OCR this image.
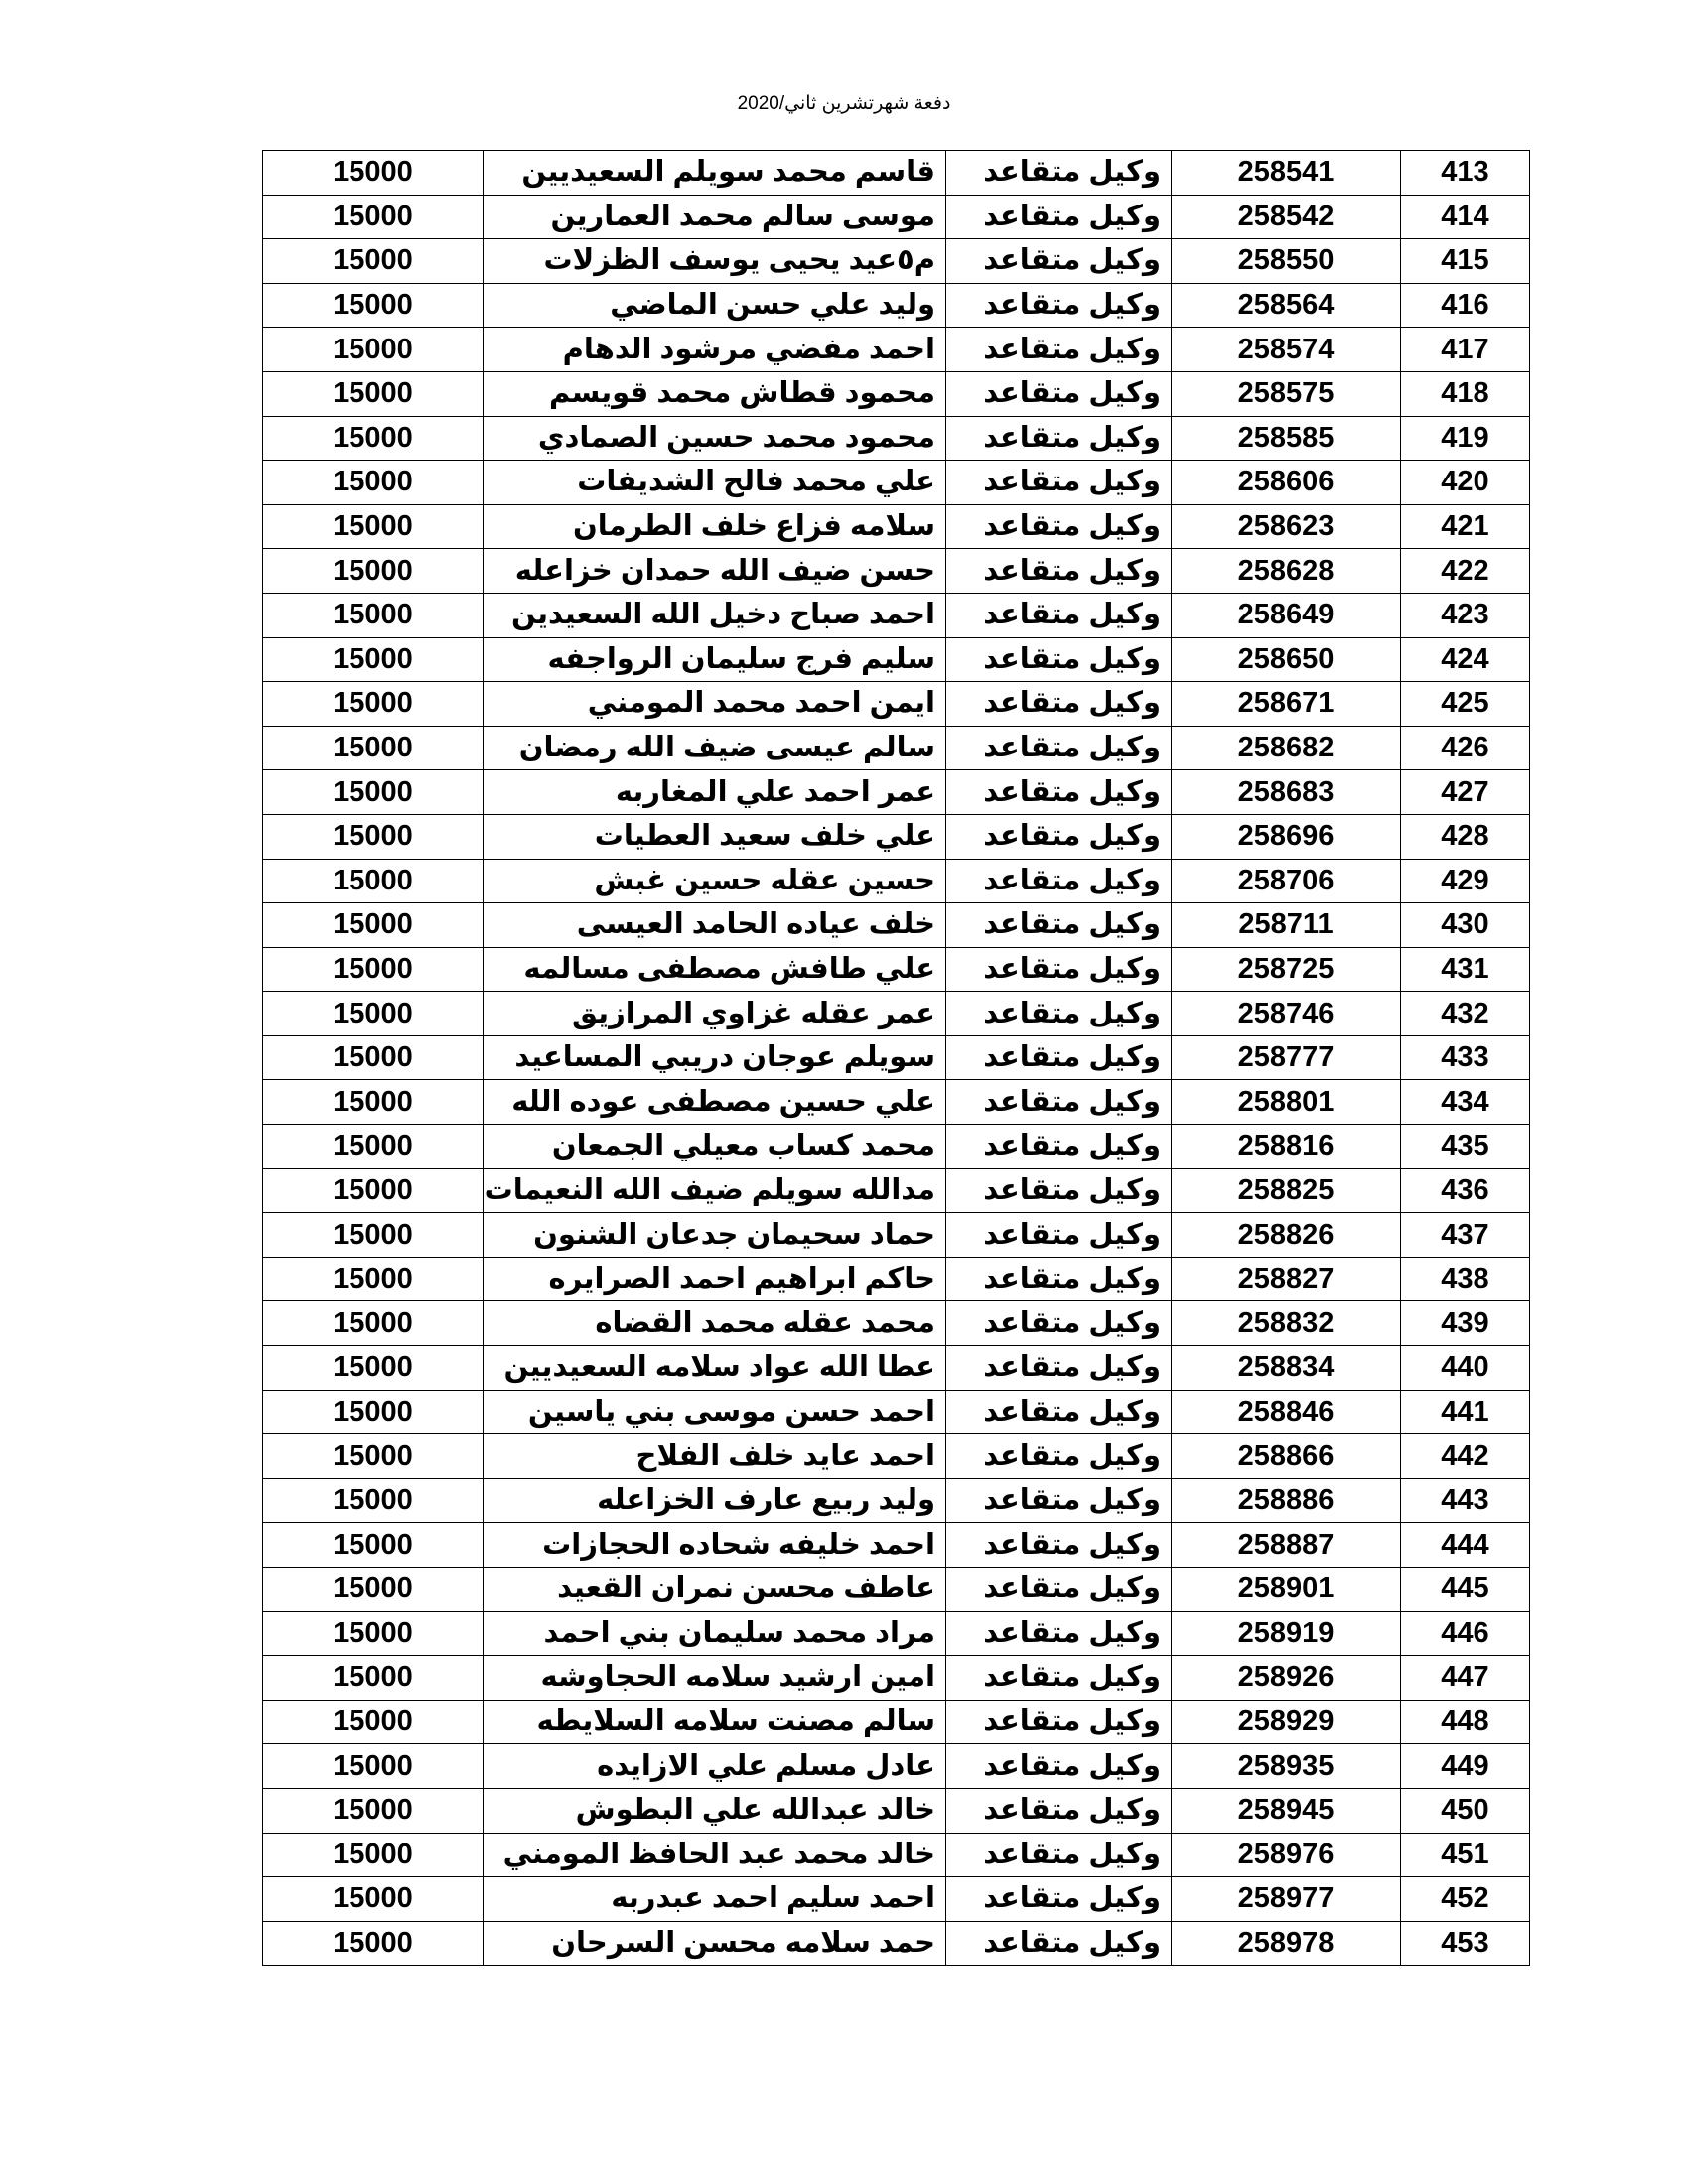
دفعة شهرتشرين ثاني/2020
15000	قاسم محمد سويلم السعيديين	وكيل متقاعد	258541	413
15000	موسى سالم محمد العمارين	وكيل متقاعد	258542	414
15000	م٥عيد يحيى يوسف الظزلات	وكيل متقاعد	258550	415
15000	وليد علي حسن الماضي	وكيل متقاعد	258564	416
15000	احمد مفضي مرشود الدهام	وكيل متقاعد	258574	417
15000	محمود قطاش محمد قويسم	وكيل متقاعد	258575	418
15000	محمود محمد حسين الصمادي	وكيل متقاعد	258585	419
15000	علي محمد فالح الشديفات	وكيل متقاعد	258606	420
15000	سلامه فزاع خلف الطرمان	وكيل متقاعد	258623	421
15000	حسن ضيف الله حمدان خزاعله	وكيل متقاعد	258628	422
15000	احمد صباح دخيل الله السعيدين	وكيل متقاعد	258649	423
15000	سليم فرج سليمان الرواجفه	وكيل متقاعد	258650	424
15000	ايمن احمد محمد المومني	وكيل متقاعد	258671	425
15000	سالم عيسى ضيف الله رمضان	وكيل متقاعد	258682	426
15000	عمر احمد علي المغاربه	وكيل متقاعد	258683	427
15000	علي خلف سعيد العطيات	وكيل متقاعد	258696	428
15000	حسين عقله حسين غبش	وكيل متقاعد	258706	429
15000	خلف عياده الحامد العيسى	وكيل متقاعد	258711	430
15000	علي طافش مصطفى مسالمه	وكيل متقاعد	258725	431
15000	عمر عقله غزاوي المرازيق	وكيل متقاعد	258746	432
15000	سويلم عوجان دريبي المساعيد	وكيل متقاعد	258777	433
15000	علي حسين مصطفى عوده الله	وكيل متقاعد	258801	434
15000	محمد كساب معيلي الجمعان	وكيل متقاعد	258816	435
15000	مدالله سويلم ضيف الله النعيمات	وكيل متقاعد	258825	436
15000	حماد سحيمان جدعان الشنون	وكيل متقاعد	258826	437
15000	حاكم ابراهيم احمد الصرايره	وكيل متقاعد	258827	438
15000	محمد عقله محمد القضاه	وكيل متقاعد	258832	439
15000	عطا الله عواد سلامه السعيديين	وكيل متقاعد	258834	440
15000	احمد حسن موسى بني ياسين	وكيل متقاعد	258846	441
15000	احمد عايد خلف الفلاح	وكيل متقاعد	258866	442
15000	وليد ربيع عارف الخزاعله	وكيل متقاعد	258886	443
15000	احمد خليفه شحاده الحجازات	وكيل متقاعد	258887	444
15000	عاطف محسن نمران القعيد	وكيل متقاعد	258901	445
15000	مراد محمد سليمان بني احمد	وكيل متقاعد	258919	446
15000	امين ارشيد سلامه الحجاوشه	وكيل متقاعد	258926	447
15000	سالم مصنت سلامه السلايطه	وكيل متقاعد	258929	448
15000	عادل مسلم علي الازايده	وكيل متقاعد	258935	449
15000	خالد عبدالله علي البطوش	وكيل متقاعد	258945	450
15000	خالد محمد عبد الحافظ المومني	وكيل متقاعد	258976	451
15000	احمد سليم احمد عبدربه	وكيل متقاعد	258977	452
15000	حمد سلامه محسن السرحان	وكيل متقاعد	258978	453
